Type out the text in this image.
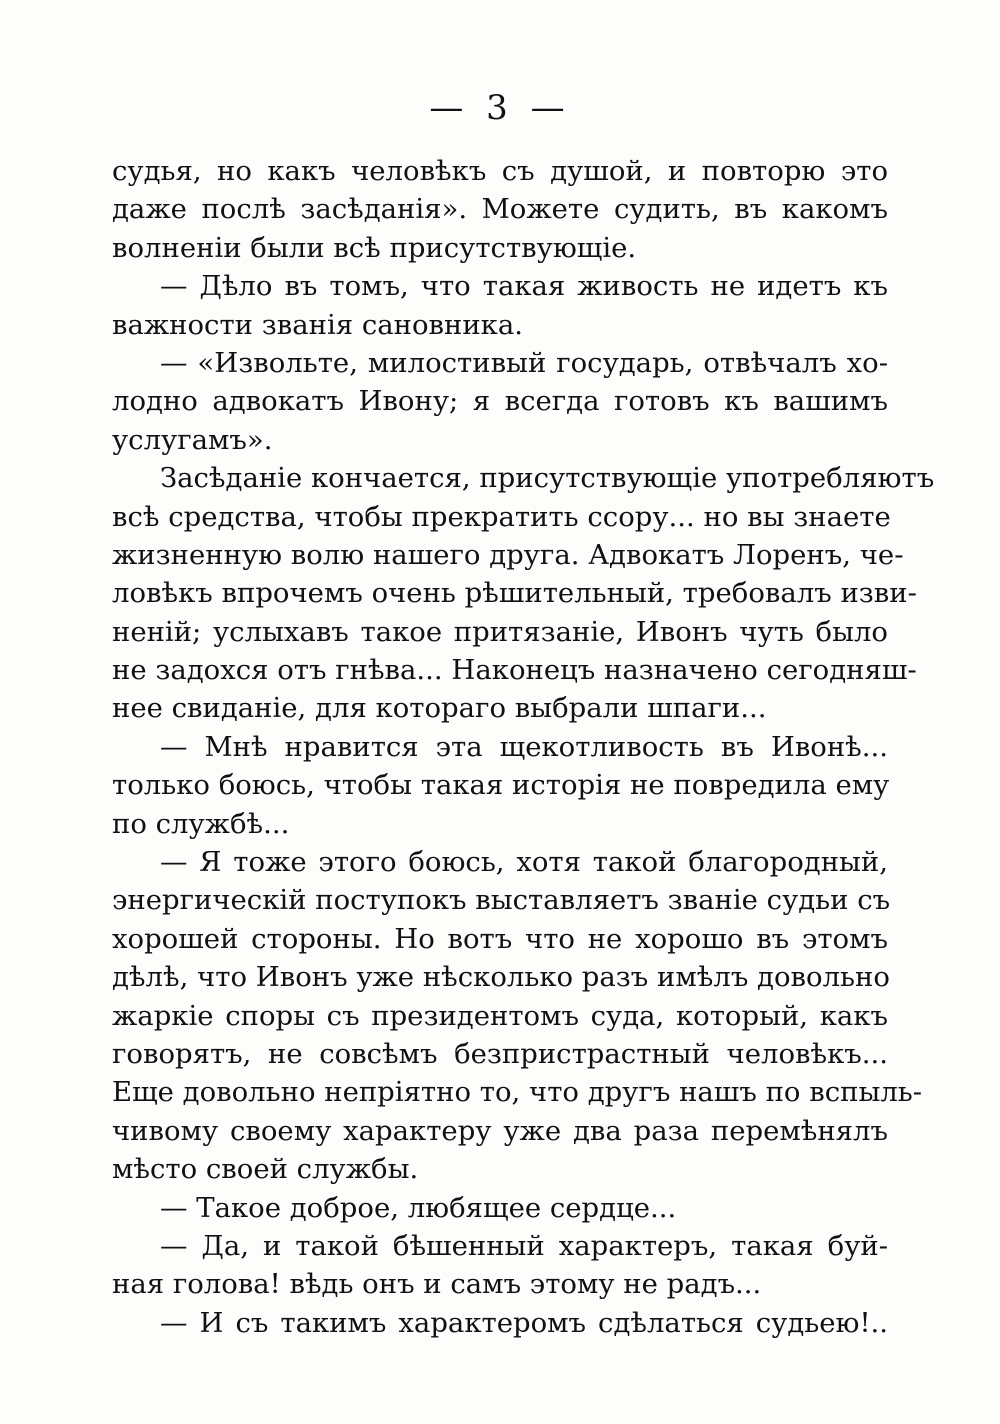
— 3 —
судья, но какъ человѣкъ съ душой, и повторю это
даже послѣ засѣданія». Можете судить, въ какомъ
волненіи были всѣ присутствующіе.
— Дѣло въ томъ, что такая живость не идетъ къ
важности званія сановника.
— «Извольте, милостивый государь, отвѣчалъ хо-
лодно адвокатъ Ивону; я всегда готовъ къ вашимъ
услугамъ».
Засѣданіе кончается, присутствующіе употребляютъ
всѣ средства, чтобы прекратить ссору... но вы знаете
жизненную волю нашего друга. Адвокатъ Лоренъ, че-
ловѣкъ впрочемъ очень рѣшительный, требовалъ изви-
неній; услыхавъ такое притязаніе, Ивонъ чуть было
не задохся отъ гнѣва... Наконецъ назначено сегодняш-
нее свиданіе, для котораго выбрали шпаги...
— Мнѣ нравится эта щекотливость въ Ивонѣ...
только боюсь, чтобы такая исторія не повредила ему
по службѣ...
— Я тоже этого боюсь, хотя такой благородный,
энергическій поступокъ выставляетъ званіе судьи съ
хорошей стороны. Но вотъ что не хорошо въ этомъ
дѣлѣ, что Ивонъ уже нѣсколько разъ имѣлъ довольно
жаркіе споры съ президентомъ суда, который, какъ
говорятъ, не совсѣмъ безпристрастный человѣкъ...
Еще довольно непріятно то, что другъ нашъ по вспыль-
чивому своему характеру уже два раза перемѣнялъ
мѣсто своей службы.
— Такое доброе, любящее сердце...
— Да, и такой бѣшенный характеръ, такая буй-
ная голова! вѣдь онъ и самъ этому не радъ...
— И съ такимъ характеромъ сдѣлаться судьею!..
